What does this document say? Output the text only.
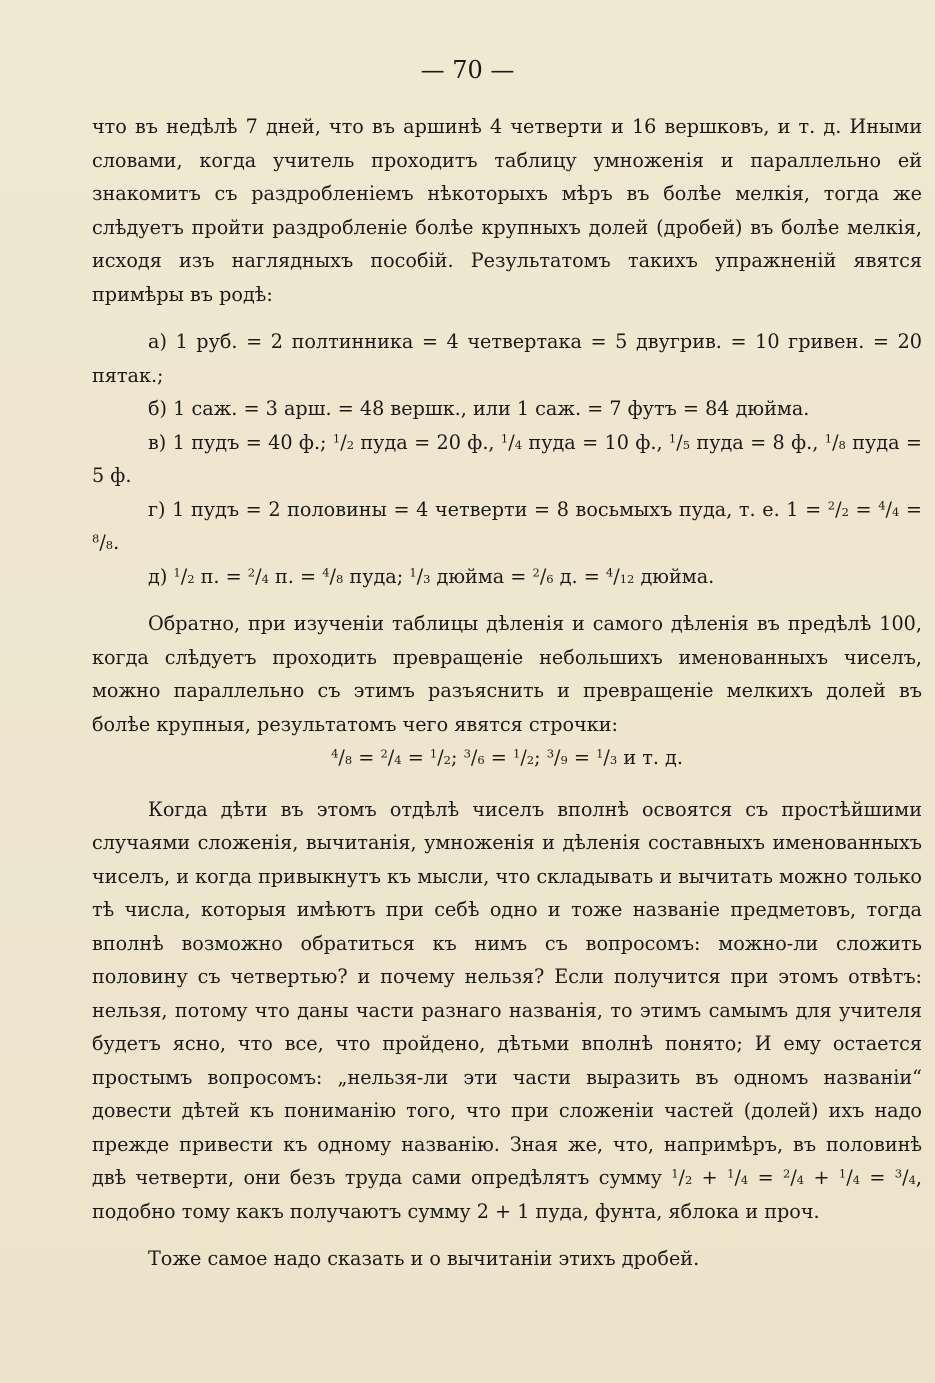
— 70 —

что въ недѣлѣ 7 дней, что въ аршинѣ 4 четверти и 16 вершковъ, и т. д. Иными словами, когда учитель проходитъ таблицу умноженія и параллельно ей знакомитъ съ раздробленіемъ нѣкоторыхъ мѣръ въ болѣе мелкія, тогда же слѣдуетъ пройти раздробленіе болѣе крупныхъ долей (дробей) въ болѣе мелкія, исходя изъ наглядныхъ пособій. Результатомъ такихъ упражненій явятся примѣры въ родѣ:

а) 1 руб. = 2 полтинника = 4 четвертака = 5 двугрив. = 10 гривен. = 20 пятак.;

б) 1 саж. = 3 арш. = 48 вершк., или 1 саж. = 7 футъ = 84 дюйма.

в) 1 пудъ = 40 ф.; $^1$/2 пуда = 20 ф., $^1$/4 пуда = 10 ф., $^1$/5 пуда = 8 ф., $^1$/8 пуда = 5 ф.

г) 1 пудъ = 2 половины = 4 четверти = 8 восьмыхъ пуда, т. е. 1 = $^2$/2 = $^4$/4 = $^8$/8.

д) $^1$/2 п. = $^2$/4 п. = $^4$/8 пуда; $^1$/3 дюйма = $^2$/6 д. = $^4$/12 дюйма.

Обратно, при изученіи таблицы дѣленія и самого дѣленія въ предѣлѣ 100, когда слѣдуетъ проходить превращеніе небольшихъ именованныхъ чиселъ, можно параллельно съ этимъ разъяснить и превращеніе мелкихъ долей въ болѣе крупныя, результатомъ чего явятся строчки:

$^4$/8 = $^2$/4 = $^1$/2; $^3$/6 = $^1$/2; $^3$/9 = $^1$/3 и т. д.

Когда дѣти въ этомъ отдѣлѣ чиселъ вполнѣ освоятся съ простѣйшими случаями сложенія, вычитанія, умноженія и дѣленія составныхъ именованныхъ чиселъ, и когда привыкнутъ къ мысли, что складывать и вычитать можно только тѣ числа, которыя имѣютъ при себѣ одно и тоже названіе предметовъ, тогда вполнѣ возможно обратиться къ нимъ съ вопросомъ: можно-ли сложить половину съ четвертью? и почему нельзя? Если получится при этомъ отвѣтъ: нельзя, потому что даны части разнаго названія, то этимъ самымъ для учителя будетъ ясно, что все, что пройдено, дѣтьми вполнѣ понято; И ему остается простымъ вопросомъ: „нельзя-ли эти части выразить въ одномъ названіи“ довести дѣтей къ пониманію того, что при сложеніи частей (долей) ихъ надо прежде привести къ одному названію. Зная же, что, напримѣръ, въ половинѣ двѣ четверти, они безъ труда сами опредѣлятъ сумму $^1$/2 + $^1$/4 = $^2$/4 + $^1$/4 = $^3$/4, подобно тому какъ получаютъ сумму 2 + 1 пуда, фунта, яблока и проч.

Тоже самое надо сказать и о вычитаніи этихъ дробей.
